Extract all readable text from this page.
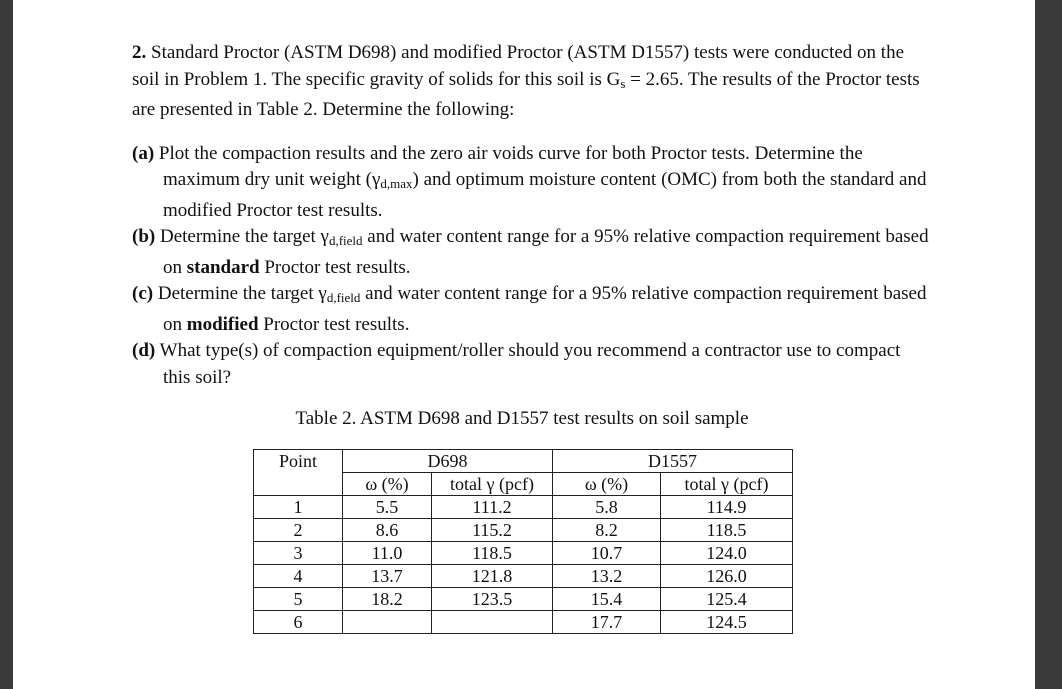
2. Standard Proctor (ASTM D698) and modified Proctor (ASTM D1557) tests were conducted on the soil in Problem 1. The specific gravity of solids for this soil is Gs = 2.65. The results of the Proctor tests are presented in Table 2. Determine the following:

(a) Plot the compaction results and the zero air voids curve for both Proctor tests. Determine the maximum dry unit weight (γd,max) and optimum moisture content (OMC) from both the standard and modified Proctor test results.

(b) Determine the target γd,field and water content range for a 95% relative compaction requirement based on standard Proctor test results.

(c) Determine the target γd,field and water content range for a 95% relative compaction requirement based on modified Proctor test results.

(d) What type(s) of compaction equipment/roller should you recommend a contractor use to compact this soil?

Table 2. ASTM D698 and D1557 test results on soil sample
Point	D698		D1557	
	ω (%)	total γ (pcf)	ω (%)	total γ (pcf)
1	5.5	111.2	5.8	114.9
2	8.6	115.2	8.2	118.5
3	11.0	118.5	10.7	124.0
4	13.7	121.8	13.2	126.0
5	18.2	123.5	15.4	125.4
6			17.7	124.5
